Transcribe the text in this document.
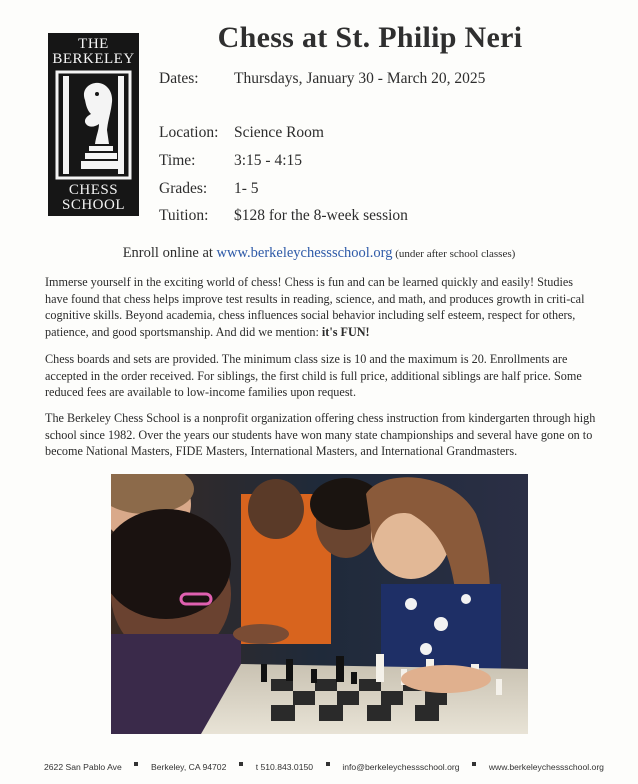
THE
BERKELEY
CHESS
SCHOOL
Chess at St. Philip Neri
Dates: Thursdays, January 30 - March 20, 2025
Location: Science Room
Time: 3:15 - 4:15
Grades: 1- 5
Tuition: $128 for the 8-week session
Enroll online at www.berkeleychessschool.org (under after school classes)

Immerse yourself in the exciting world of chess! Chess is fun and can be learned quickly and easily! Studies have found that chess helps improve test results in reading, science, and math, and produces growth in criti-cal cognitive skills. Beyond academia, chess influences social behavior including self esteem, respect for others, patience, and good sportsmanship. And did we mention: it's FUN!

Chess boards and sets are provided. The minimum class size is 10 and the maximum is 20. Enrollments are accepted in the order received. For siblings, the first child is full price, additional siblings are half price. Some reduced fees are available to low-income families upon request.

The Berkeley Chess School is a nonprofit organization offering chess instruction from kindergarten through high school since 1982. Over the years our students have won many state championships and several have gone on to become National Masters, FIDE Masters, International Masters, and International Grandmasters.

2622 San Pablo Ave	Berkeley, CA 94702	t 510.843.0150	info@berkeleychessschool.org	www.berkeleychessschool.org
